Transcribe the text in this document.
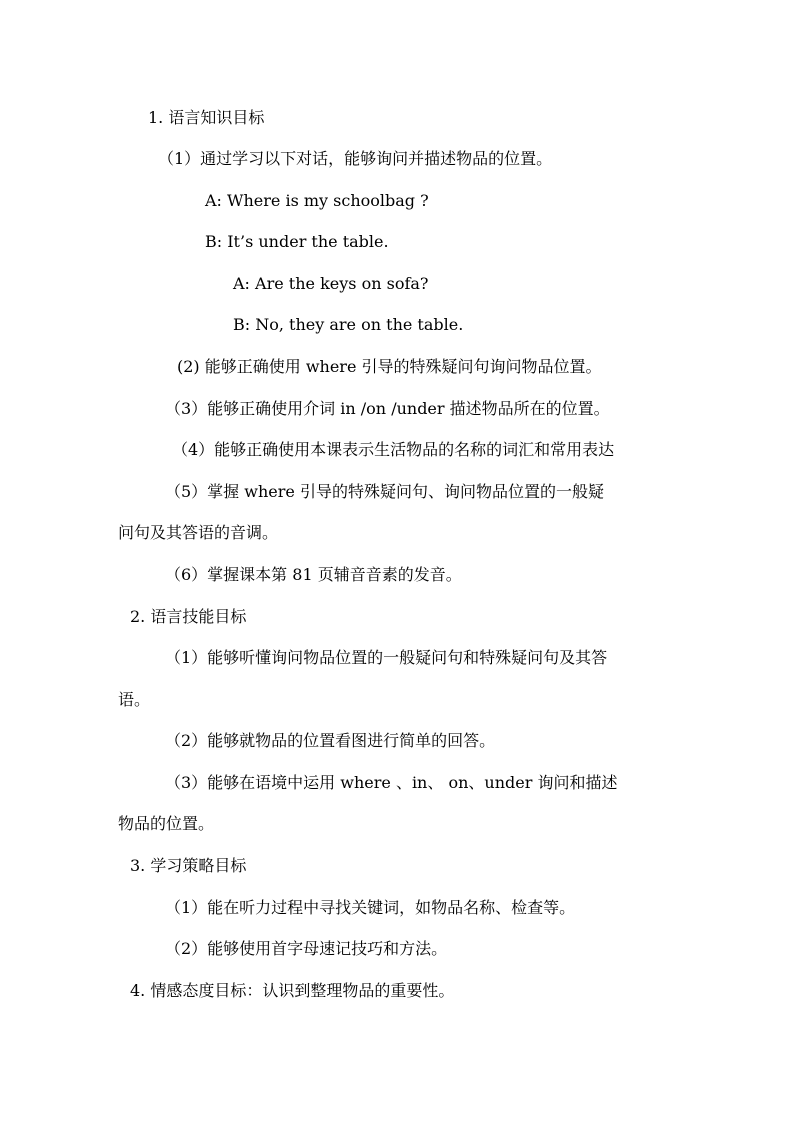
1. 语言知识目标
（1）通过学习以下对话，能够询问并描述物品的位置。
A: Where is my schoolbag ?
B: It’s under the table.
A: Are the keys on sofa?
B: No, they are on the table.
(2) 能够正确使用 where 引导的特殊疑问句询问物品位置。
（3）能够正确使用介词 in /on /under 描述物品所在的位置。
（4）能够正确使用本课表示生活物品的名称的词汇和常用表达
（5）掌握 where 引导的特殊疑问句、询问物品位置的一般疑
问句及其答语的音调。
（6）掌握课本第 81 页辅音音素的发音。
2. 语言技能目标
（1）能够听懂询问物品位置的一般疑问句和特殊疑问句及其答
语。
（2）能够就物品的位置看图进行简单的回答。
（3）能够在语境中运用 where 、in、 on、under 询问和描述
物品的位置。
3. 学习策略目标
（1）能在听力过程中寻找关键词，如物品名称、检查等。
（2）能够使用首字母速记技巧和方法。
4. 情感态度目标：认识到整理物品的重要性。
